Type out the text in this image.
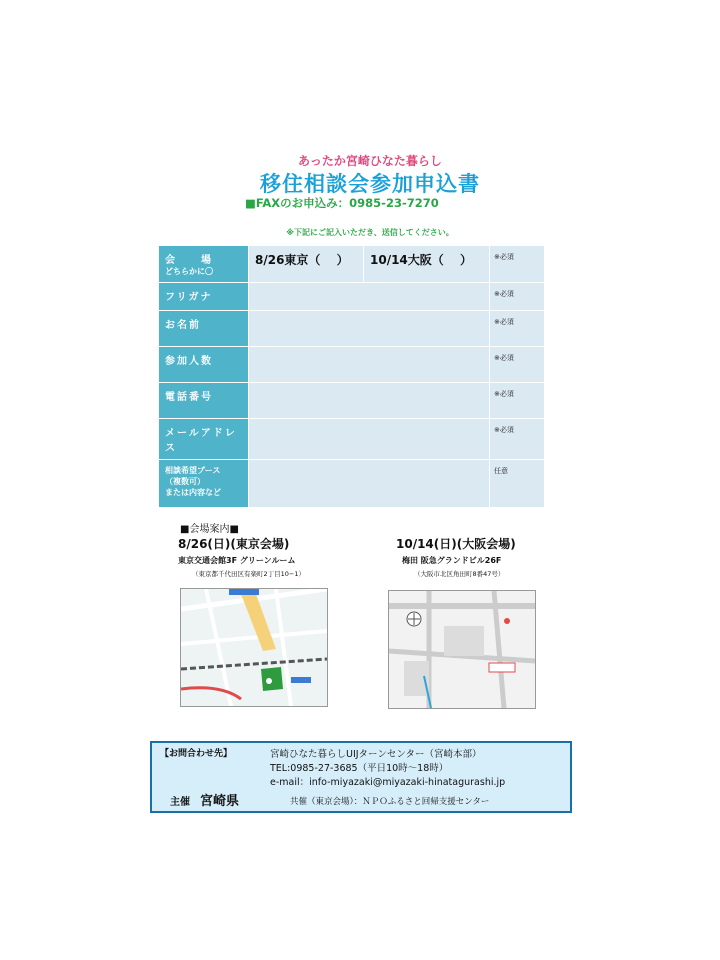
あったか宮崎ひなた暮らし
移住相談会参加申込書
■FAXのお申込み：0985-23-7270
※下記にご記入いただき、送信してください。
会　　場
どちらかに〇	8/26東京（　 ）	10/14大阪（　 ）	※必須
フリガナ			※必須
お名前			※必須
参加人数			※必須
電話番号			※必須
メールアドレス			※必須

相談希望ブース
（複数可）
または内容など			任意
■会場案内■
8/26(日)(東京会場)
東京交通会館3F グリーンルーム
（東京都千代田区有楽町2丁目10−1）
10/14(日)(大阪会場)
梅田 阪急グランドビル26F
（大阪市北区角田町8番47号）
【お問合わせ先】	宮崎ひなた暮らしUIJターンセンター（宮崎本部）
TEL:0985-27-3685（平日10時～18時）
e-mail：info-miyazaki@miyazaki-hinatagurashi.jp
主催　 宮崎県	共催（東京会場）：ＮＰＯふるさと回帰支援センター
